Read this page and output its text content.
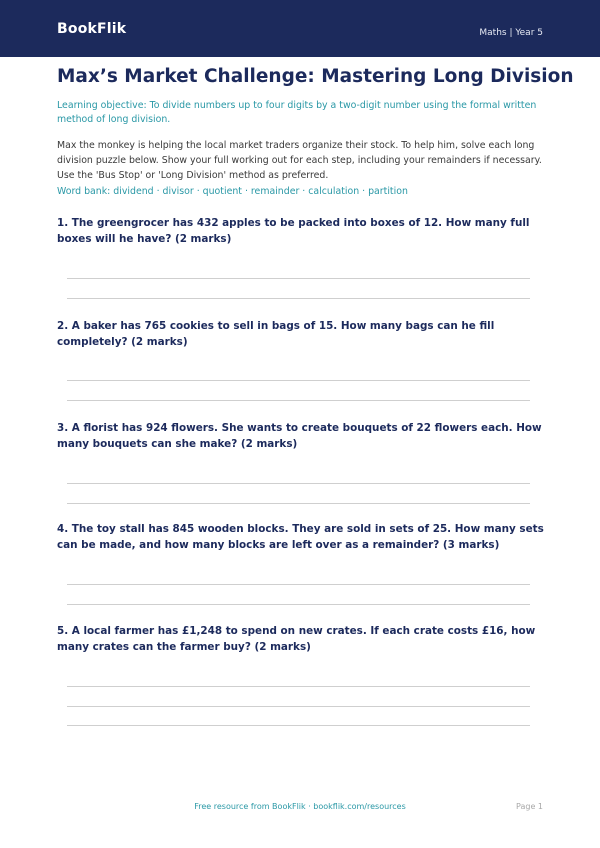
BookFlik	Maths | Year 5
Max’s Market Challenge: Mastering Long Division

Learning objective: To divide numbers up to four digits by a two-digit number using the formal written method of long division.

Max the monkey is helping the local market traders organize their stock. To help him, solve each long division puzzle below. Show your full working out for each step, including your remainders if necessary. Use the 'Bus Stop' or 'Long Division' method as preferred.

Word bank: dividend · divisor · quotient · remainder · calculation · partition

1. The greengrocer has 432 apples to be packed into boxes of 12. How many full boxes will he have? (2 marks)

2. A baker has 765 cookies to sell in bags of 15. How many bags can he fill completely? (2 marks)

3. A florist has 924 flowers. She wants to create bouquets of 22 flowers each. How many bouquets can she make? (2 marks)

4. The toy stall has 845 wooden blocks. They are sold in sets of 25. How many sets can be made, and how many blocks are left over as a remainder? (3 marks)

5. A local farmer has £1,248 to spend on new crates. If each crate costs £16, how many crates can the farmer buy? (2 marks)

Free resource from BookFlik · bookflik.com/resources	Page 1
